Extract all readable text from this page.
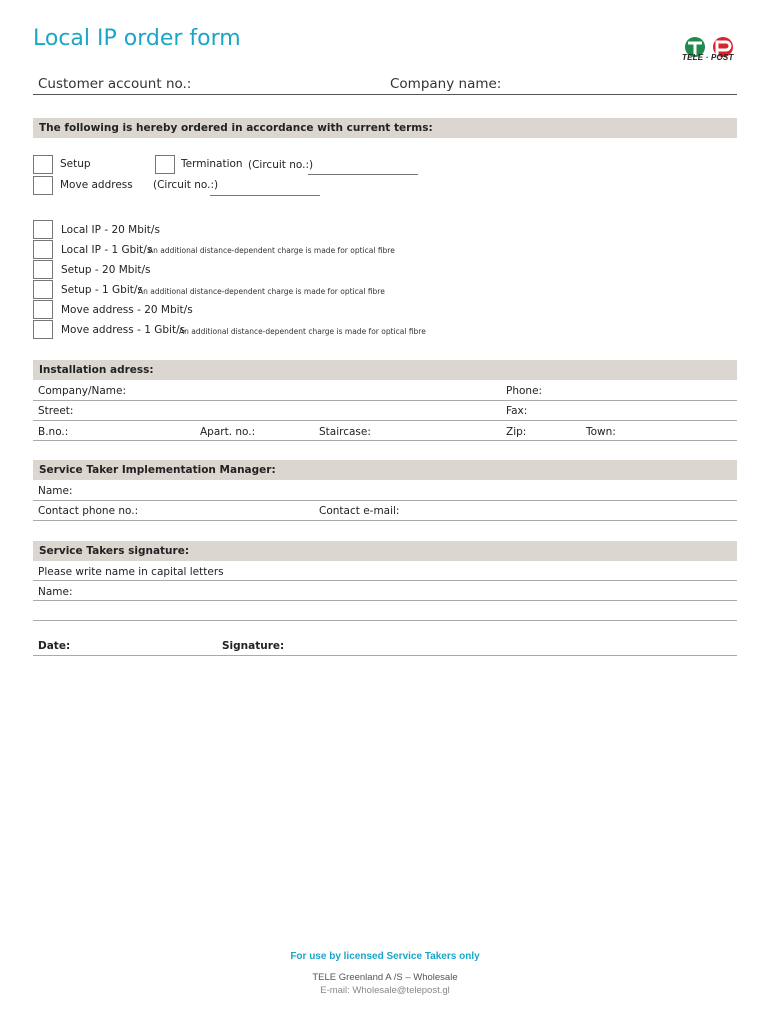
Local IP order form
TELE · POST
Customer account no.:	Company name:
The following is hereby ordered in accordance with current terms:
Setup	Termination (Circuit no.:)
Move address (Circuit no.:)
Local IP - 20 Mbit/s
Local IP - 1 Gbit/s
An additional distance-dependent charge is made for optical fibre
Setup - 20 Mbit/s
Setup - 1 Gbit/s
An additional distance-dependent charge is made for optical fibre
Move address - 20 Mbit/s
Move address - 1 Gbit/s
An additional distance-dependent charge is made for optical fibre
Installation adress:
Company/Name:	Phone:
Street:	Fax:
B.no.:	Apart. no.:	Staircase:	Zip:	Town:
Service Taker Implementation Manager:
Name:
Contact phone no.:	Contact e-mail:
Service Takers signature:
Please write name in capital letters
Name:
Date:	Signature:
For use by licensed Service Takers only
TELE Greenland A /S – Wholesale
E-mail: Wholesale@telepost.gl
